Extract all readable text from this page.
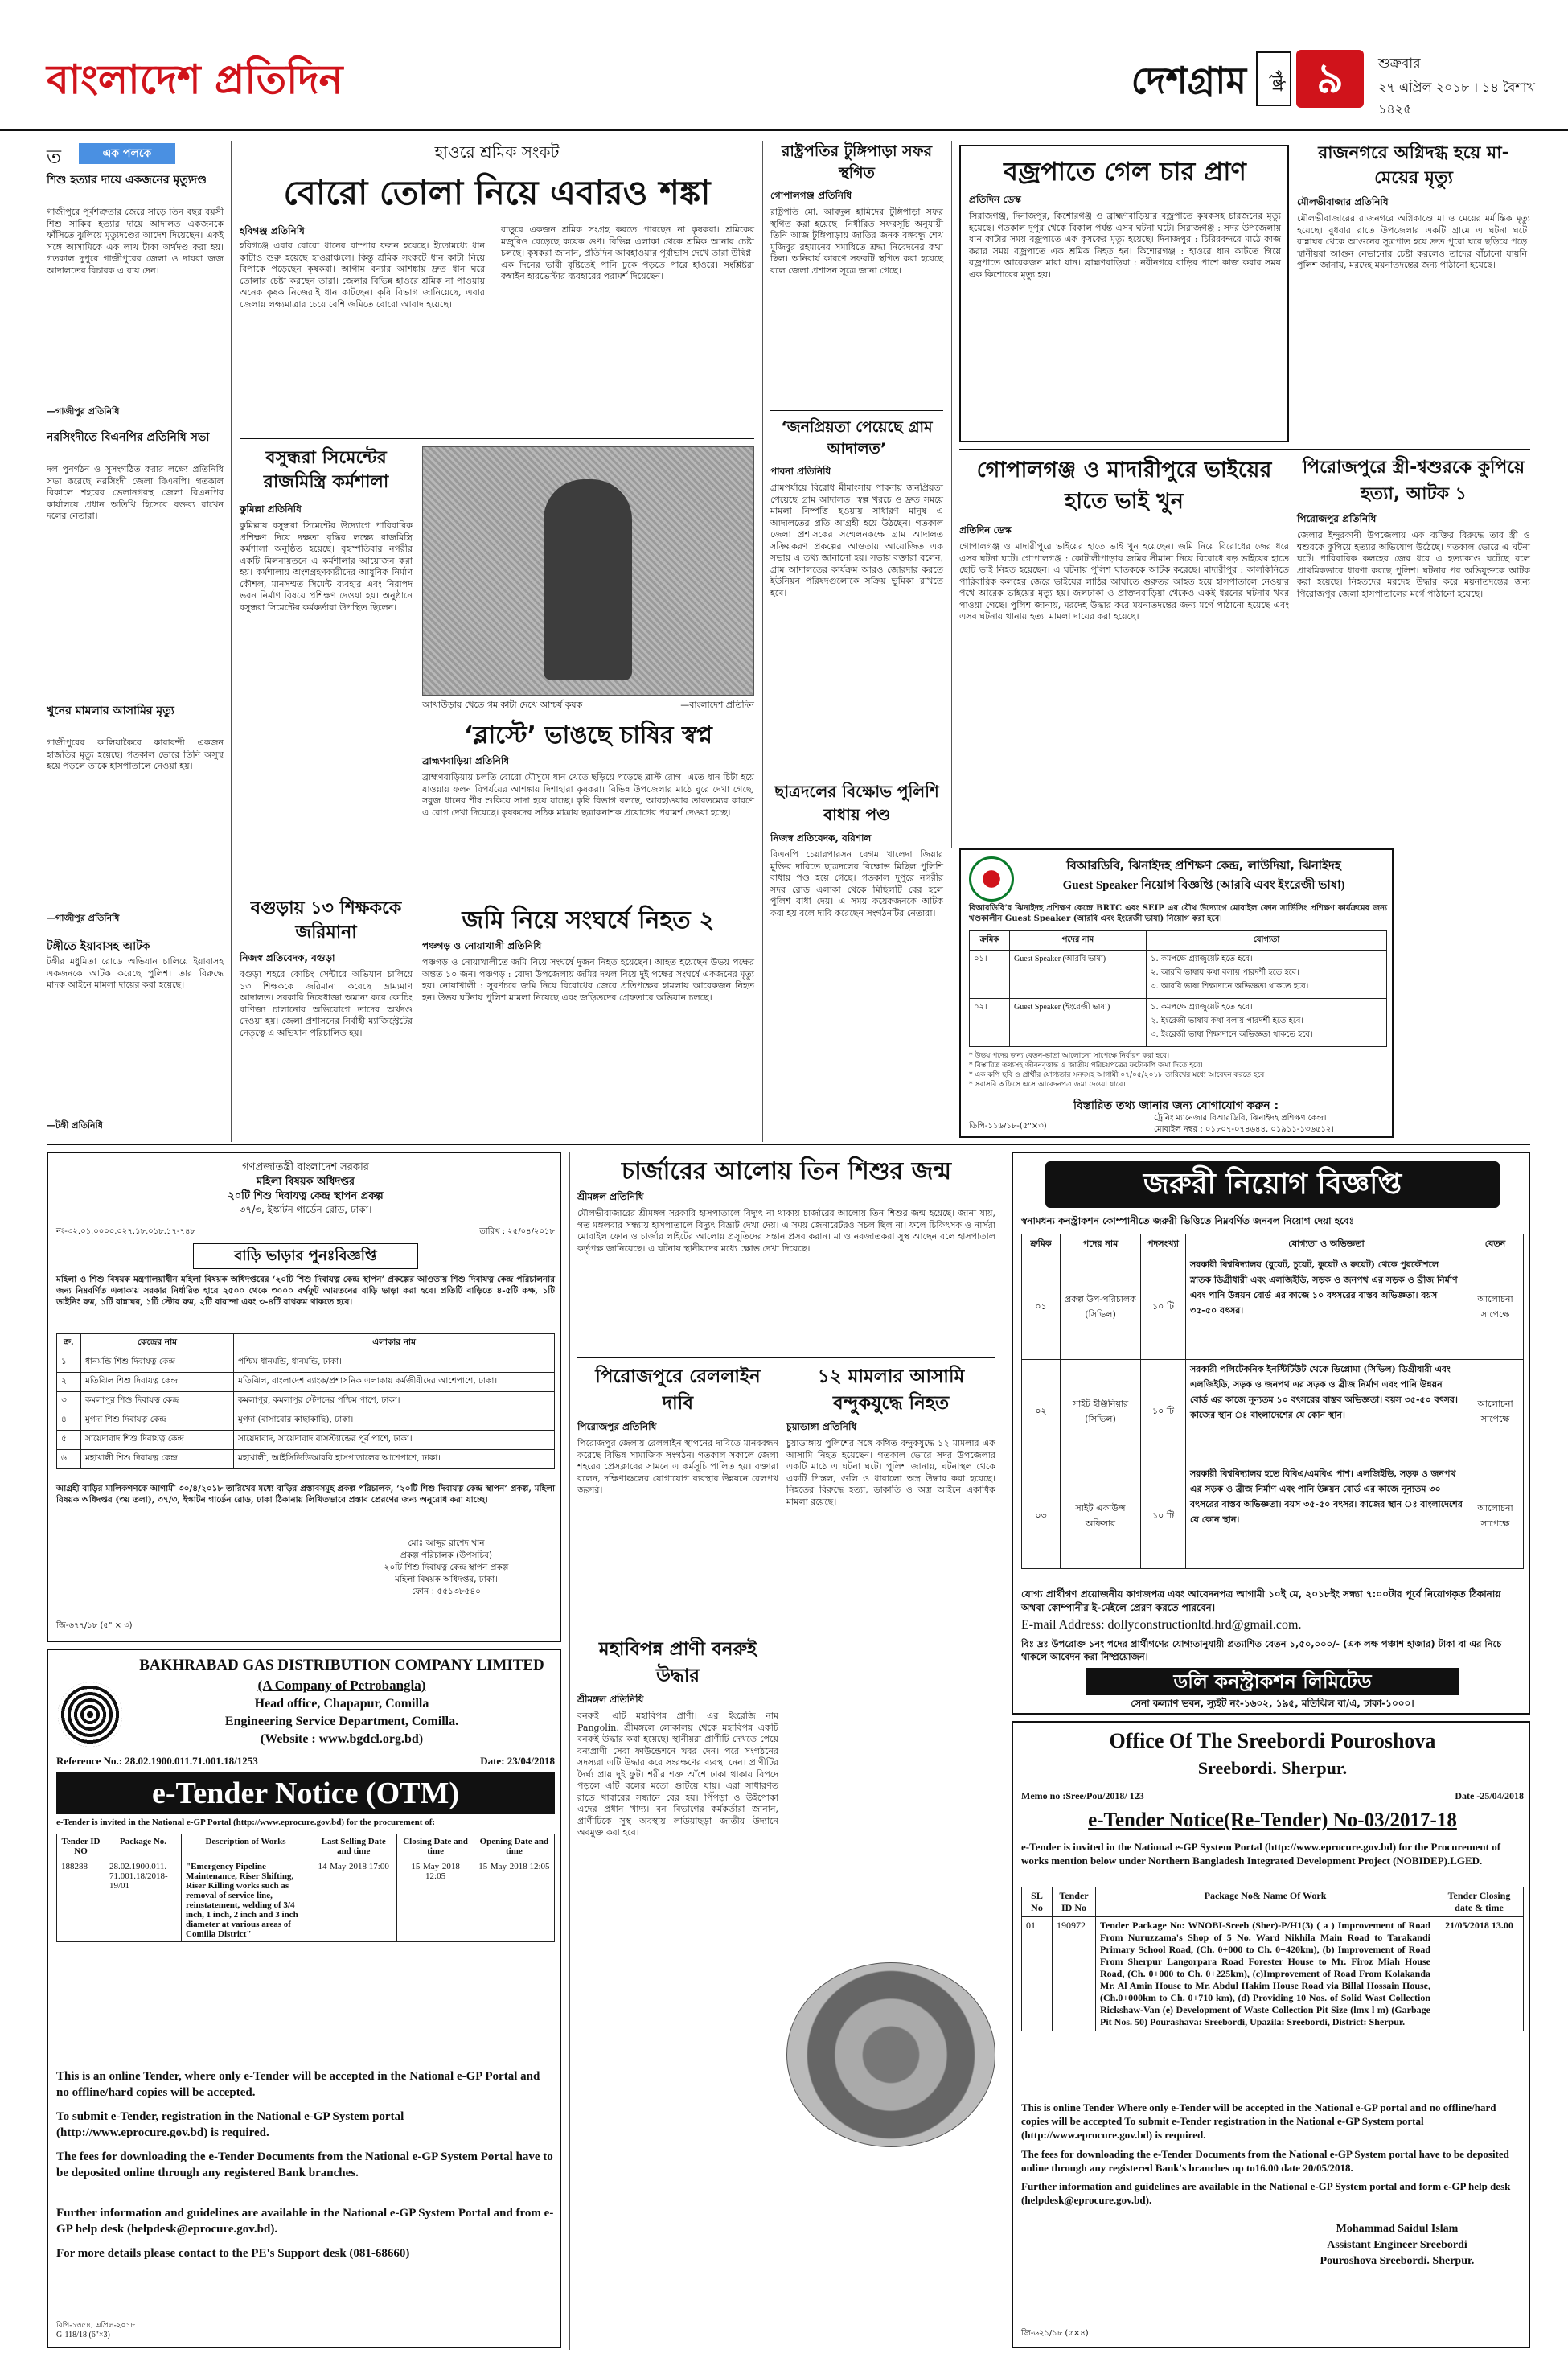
বাংলাদেশ প্রতিদিন	দেশগ্রাম	পৃষ্ঠা ৯	শুক্রবার
২৭ এপ্রিল ২০১৮ । ১৪ বৈশাখ ১৪২৫
ত	এক পলকে
শিশু হত্যার দায়ে একজনের মৃত্যুদণ্ড
গাজীপুরে পূর্বশত্রুতার জেরে সাড়ে তিন বছর বয়সী শিশু সাকিব হত্যার দায়ে আদালত একজনকে ফাঁসিতে ঝুলিয়ে মৃত্যুদণ্ডের আদেশ দিয়েছেন। একই সঙ্গে আসামিকে এক লাখ টাকা অর্থদণ্ড করা হয়। গতকাল দুপুরে গাজীপুরের জেলা ও দায়রা জজ আদালতের বিচারক এ রায় দেন।
—গাজীপুর প্রতিনিধি
নরসিংদীতে বিএনপির প্রতিনিধি সভা
দল পুনর্গঠন ও সুসংগঠিত করার লক্ষ্যে প্রতিনিধি সভা করেছে নরসিংদী জেলা বিএনপি। গতকাল বিকালে শহরের ভেলানগরস্থ জেলা বিএনপির কার্যালয়ে প্রধান অতিথি হিসেবে বক্তব্য রাখেন দলের নেতারা।
খুনের মামলার আসামির মৃত্যু
গাজীপুরের কালিয়াকৈরে কারাবন্দী একজন হাজতির মৃত্যু হয়েছে। গতকাল ভোরে তিনি অসুস্থ হয়ে পড়লে তাকে হাসপাতালে নেওয়া হয়।
—গাজীপুর প্রতিনিধি
টঙ্গীতে ইয়াবাসহ আটক
টঙ্গীর মধুমিতা রোডে অভিযান চালিয়ে ইয়াবাসহ একজনকে আটক করেছে পুলিশ। তার বিরুদ্ধে মাদক আইনে মামলা দায়ের করা হয়েছে।
—টঙ্গী প্রতিনিধি
হাওরে শ্রমিক সংকট
বোরো তোলা নিয়ে এবারও শঙ্কা
হবিগঞ্জ প্রতিনিধি
হবিগঞ্জে এবার বোরো ধানের বাম্পার ফলন হয়েছে। ইতোমধ্যে ধান কাটাও শুরু হয়েছে হাওরাঞ্চলে। কিন্তু শ্রমিক সংকটে ধান কাটা নিয়ে বিপাকে পড়েছেন কৃষকরা। আগাম বন্যার আশঙ্কায় দ্রুত ধান ঘরে তোলার চেষ্টা করছেন তারা। জেলার বিভিন্ন হাওরে শ্রমিক না পাওয়ায় অনেক কৃষক নিজেরাই ধান কাটছেন। কৃষি বিভাগ জানিয়েছে, এবার জেলায় লক্ষ্যমাত্রার চেয়ে বেশি জমিতে বোরো আবাদ হয়েছে।
বাড়ুরে একজন শ্রমিক সংগ্রহ করতে পারছেন না কৃষকরা। শ্রমিকের মজুরিও বেড়েছে কয়েক গুণ। বিভিন্ন এলাকা থেকে শ্রমিক আনার চেষ্টা চলছে। কৃষকরা জানান, প্রতিদিন আবহাওয়ার পূর্বাভাস দেখে তারা উদ্বিগ্ন। এক দিনের ভারী বৃষ্টিতেই পানি ঢুকে পড়তে পারে হাওরে। সংশ্লিষ্টরা কম্বাইন হারভেস্টার ব্যবহারের পরামর্শ দিয়েছেন।
বসুন্ধরা সিমেন্টের রাজমিস্ত্রি কর্মশালা
কুমিল্লা প্রতিনিধি
কুমিল্লায় বসুন্ধরা সিমেন্টের উদ্যোগে পারিবারিক প্রশিক্ষণ দিয়ে দক্ষতা বৃদ্ধির লক্ষ্যে রাজমিস্ত্রি কর্মশালা অনুষ্ঠিত হয়েছে। বৃহস্পতিবার নগরীর একটি মিলনায়তনে এ কর্মশালার আয়োজন করা হয়। কর্মশালায় অংশগ্রহণকারীদের আধুনিক নির্মাণ কৌশল, মানসম্মত সিমেন্ট ব্যবহার এবং নিরাপদ ভবন নির্মাণ বিষয়ে প্রশিক্ষণ দেওয়া হয়। অনুষ্ঠানে বসুন্ধরা সিমেন্টের কর্মকর্তারা উপস্থিত ছিলেন।
আখাউড়ায় খেতে গম কাটা দেখে আশ্চর্য কৃষক	—বাংলাদেশ প্রতিদিন
‘ব্লাস্টে’ ভাঙছে চাষির স্বপ্ন
ব্রাহ্মণবাড়িয়া প্রতিনিধি
ব্রাহ্মণবাড়িয়ায় চলতি বোরো মৌসুমে ধান খেতে ছড়িয়ে পড়েছে ব্লাস্ট রোগ। এতে ধান চিটা হয়ে যাওয়ায় ফলন বিপর্যয়ের আশঙ্কায় দিশাহারা কৃষকরা। বিভিন্ন উপজেলার মাঠে ঘুরে দেখা গেছে, সবুজ ধানের শীষ শুকিয়ে সাদা হয়ে যাচ্ছে। কৃষি বিভাগ বলছে, আবহাওয়ার তারতম্যের কারণে এ রোগ দেখা দিয়েছে। কৃষকদের সঠিক মাত্রায় ছত্রাকনাশক প্রয়োগের পরামর্শ দেওয়া হচ্ছে।
বগুড়ায় ১৩ শিক্ষককে জরিমানা
নিজস্ব প্রতিবেদক, বগুড়া
বগুড়া শহরে কোচিং সেন্টারে অভিযান চালিয়ে ১৩ শিক্ষককে জরিমানা করেছে ভ্রাম্যমাণ আদালত। সরকারি নিষেধাজ্ঞা অমান্য করে কোচিং বাণিজ্য চালানোর অভিযোগে তাদের অর্থদণ্ড দেওয়া হয়। জেলা প্রশাসনের নির্বাহী ম্যাজিস্ট্রেটের নেতৃত্বে এ অভিযান পরিচালিত হয়।
জমি নিয়ে সংঘর্ষে নিহত ২
পঞ্চগড় ও নোয়াখালী প্রতিনিধি
পঞ্চগড় ও নোয়াখালীতে জমি নিয়ে সংঘর্ষে দুজন নিহত হয়েছেন। আহত হয়েছেন উভয় পক্ষের অন্তত ১০ জন। পঞ্চগড় : বোদা উপজেলায় জমির দখল নিয়ে দুই পক্ষের সংঘর্ষে একজনের মৃত্যু হয়। নোয়াখালী : সুবর্ণচরে জমি নিয়ে বিরোধের জেরে প্রতিপক্ষের হামলায় আরেকজন নিহত হন। উভয় ঘটনায় পুলিশ মামলা নিয়েছে এবং জড়িতদের গ্রেফতারে অভিযান চলছে।
রাষ্ট্রপতির টুঙ্গিপাড়া সফর স্থগিত
গোপালগঞ্জ প্রতিনিধি
রাষ্ট্রপতি মো. আবদুল হামিদের টুঙ্গিপাড়া সফর স্থগিত করা হয়েছে। নির্ধারিত সফরসূচি অনুযায়ী তিনি আজ টুঙ্গিপাড়ায় জাতির জনক বঙ্গবন্ধু শেখ মুজিবুর রহমানের সমাধিতে শ্রদ্ধা নিবেদনের কথা ছিল। অনিবার্য কারণে সফরটি স্থগিত করা হয়েছে বলে জেলা প্রশাসন সূত্রে জানা গেছে।
‘জনপ্রিয়তা পেয়েছে গ্রাম আদালত’
পাবনা প্রতিনিধি
গ্রামপর্যায়ে বিরোধ মীমাংসায় পাবনায় জনপ্রিয়তা পেয়েছে গ্রাম আদালত। স্বল্প খরচে ও দ্রুত সময়ে মামলা নিষ্পত্তি হওয়ায় সাধারণ মানুষ এ আদালতের প্রতি আগ্রহী হয়ে উঠছেন। গতকাল জেলা প্রশাসকের সম্মেলনকক্ষে গ্রাম আদালত সক্রিয়করণ প্রকল্পের আওতায় আয়োজিত এক সভায় এ তথ্য জানানো হয়। সভায় বক্তারা বলেন, গ্রাম আদালতের কার্যক্রম আরও জোরদার করতে ইউনিয়ন পরিষদগুলোকে সক্রিয় ভূমিকা রাখতে হবে।
ছাত্রদলের বিক্ষোভ পুলিশি বাধায় পণ্ড
নিজস্ব প্রতিবেদক, বরিশাল
বিএনপি চেয়ারপারসন বেগম খালেদা জিয়ার মুক্তির দাবিতে ছাত্রদলের বিক্ষোভ মিছিল পুলিশি বাধায় পণ্ড হয়ে গেছে। গতকাল দুপুরে নগরীর সদর রোড এলাকা থেকে মিছিলটি বের হলে পুলিশ বাধা দেয়। এ সময় কয়েকজনকে আটক করা হয় বলে দাবি করেছেন সংগঠনটির নেতারা।
বজ্রপাতে গেল চার প্রাণ
প্রতিদিন ডেস্ক
সিরাজগঞ্জ, দিনাজপুর, কিশোরগঞ্জ ও ব্রাহ্মণবাড়িয়ার বজ্রপাতে কৃষকসহ চারজনের মৃত্যু হয়েছে। গতকাল দুপুর থেকে বিকাল পর্যন্ত এসব ঘটনা ঘটে। সিরাজগঞ্জ : সদর উপজেলায় ধান কাটার সময় বজ্রপাতে এক কৃষকের মৃত্যু হয়েছে। দিনাজপুর : চিরিরবন্দরে মাঠে কাজ করার সময় বজ্রপাতে এক শ্রমিক নিহত হন। কিশোরগঞ্জ : হাওরে ধান কাটতে গিয়ে বজ্রপাতে আরেকজন মারা যান। ব্রাহ্মণবাড়িয়া : নবীনগরে বাড়ির পাশে কাজ করার সময় এক কিশোরের মৃত্যু হয়।
রাজনগরে অগ্নিদগ্ধ হয়ে মা-মেয়ের মৃত্যু
মৌলভীবাজার প্রতিনিধি
মৌলভীবাজারের রাজনগরে অগ্নিকাণ্ডে মা ও মেয়ের মর্মান্তিক মৃত্যু হয়েছে। বুধবার রাতে উপজেলার একটি গ্রামে এ ঘটনা ঘটে। রান্নাঘর থেকে আগুনের সূত্রপাত হয়ে দ্রুত পুরো ঘরে ছড়িয়ে পড়ে। স্থানীয়রা আগুন নেভানোর চেষ্টা করলেও তাদের বাঁচানো যায়নি। পুলিশ জানায়, মরদেহ ময়নাতদন্তের জন্য পাঠানো হয়েছে।
গোপালগঞ্জ ও মাদারীপুরে ভাইয়ের হাতে ভাই খুন
প্রতিদিন ডেস্ক
গোপালগঞ্জ ও মাদারীপুরে ভাইয়ের হাতে ভাই খুন হয়েছেন। জমি নিয়ে বিরোধের জের ধরে এসব ঘটনা ঘটে। গোপালগঞ্জ : কোটালীপাড়ায় জমির সীমানা নিয়ে বিরোধে বড় ভাইয়ের হাতে ছোট ভাই নিহত হয়েছেন। এ ঘটনায় পুলিশ ঘাতককে আটক করেছে। মাদারীপুর : কালকিনিতে পারিবারিক কলহের জেরে ভাইয়ের লাঠির আঘাতে গুরুতর আহত হয়ে হাসপাতালে নেওয়ার পথে আরেক ভাইয়ের মৃত্যু হয়। জলঢাকা ও প্রাক্তনবাড়িয়া থেকেও একই ধরনের ঘটনার খবর পাওয়া গেছে। পুলিশ জানায়, মরদেহ উদ্ধার করে ময়নাতদন্তের জন্য মর্গে পাঠানো হয়েছে এবং এসব ঘটনায় থানায় হত্যা মামলা দায়ের করা হয়েছে।
পিরোজপুরে স্ত্রী-শ্বশুরকে কুপিয়ে হত্যা, আটক ১
পিরোজপুর প্রতিনিধি
জেলার ইন্দুরকানী উপজেলায় এক ব্যক্তির বিরুদ্ধে তার স্ত্রী ও শ্বশুরকে কুপিয়ে হত্যার অভিযোগ উঠেছে। গতকাল ভোরে এ ঘটনা ঘটে। পারিবারিক কলহের জের ধরে এ হত্যাকাণ্ড ঘটেছে বলে প্রাথমিকভাবে ধারণা করছে পুলিশ। ঘটনার পর অভিযুক্তকে আটক করা হয়েছে। নিহতদের মরদেহ উদ্ধার করে ময়নাতদন্তের জন্য পিরোজপুর জেলা হাসপাতালের মর্গে পাঠানো হয়েছে।
বিআরডিবি, ঝিনাইদহ প্রশিক্ষণ কেন্দ্র, লাউদিয়া, ঝিনাইদহ
Guest Speaker নিয়োগ বিজ্ঞপ্তি (আরবি এবং ইংরেজী ভাষা)
বিআরডিবি’র ঝিনাইদহ প্রশিক্ষণ কেন্দ্রে BRTC এবং SEIP এর যৌথ উদ্যোগে মোবাইল ফোন সার্ভিসিং প্রশিক্ষণ কার্যক্রমের জন্য খণ্ডকালীন Guest Speaker (আরবি এবং ইংরেজী ভাষা) নিয়োগ করা হবে।
ক্রমিক	পদের নাম	যোগ্যতা
০১।	Guest Speaker (আরবি ভাষা)	১. কমপক্ষে গ্র্যাজুয়েট হতে হবে।
২. আরবি ভাষায় কথা বলায় পারদর্শী হতে হবে।
৩. আরবি ভাষা শিক্ষাদানে অভিজ্ঞতা থাকতে হবে।
০২।	Guest Speaker (ইংরেজী ভাষা)	১. কমপক্ষে গ্র্যাজুয়েট হতে হবে।
২. ইংরেজী ভাষায় কথা বলায় পারদর্শী হতে হবে।
৩. ইংরেজী ভাষা শিক্ষাদানে অভিজ্ঞতা থাকতে হবে।
* উভয় পদের জন্য বেতন-ভাতা আলোচনা সাপেক্ষে নির্ধারণ করা হবে।
* বিস্তারিত তথ্যসহ জীবনবৃত্তান্ত ও জাতীয় পরিচয়পত্রের ফটোকপি জমা দিতে হবে।
* এক কপি ছবি ও প্রার্থীর যোগ্যতার সনদসহ আগামী ০৭/০৫/২০১৮ তারিখের মধ্যে আবেদন করতে হবে।
* সরাসরি অফিসে এসে আবেদনপত্র জমা দেওয়া যাবে।
বিস্তারিত তথ্য জানার জন্য যোগাযোগ করুন :
ট্রেনিং ম্যানেজার বিআরডিবি, ঝিনাইদহ প্রশিক্ষণ কেন্দ্র।
মোবাইল নম্বর : ০১৮০৭-০৭৪৬৪৪, ০১৯১১-১৩৬৫১২।
ডিপি-১১৬/১৮-(৫"×৩)
গণপ্রজাতন্ত্রী বাংলাদেশ সরকার
মহিলা বিষয়ক অধিদপ্তর
২০টি শিশু দিবাযত্ন কেন্দ্র স্থাপন প্রকল্প
৩৭/৩, ইস্কাটন গার্ডেন রোড, ঢাকা।
নং-৩২.০১.০০০০.০২৭.১৮.০১৮.১৭-৭৪৮	তারিখ : ২৫/০৪/২০১৮
বাড়ি ভাড়ার পুনঃবিজ্ঞপ্তি
মহিলা ও শিশু বিষয়ক মন্ত্রণালয়াধীন মহিলা বিষয়ক অধিদপ্তরের ‘২০টি শিশু দিবাযত্ন কেন্দ্র স্থাপন’ প্রকল্পের আওতায় শিশু দিবাযত্ন কেন্দ্র পরিচালনার জন্য নিম্নবর্ণিত এলাকায় সরকার নির্ধারিত হারে ২৫০০ থেকে ৩০০০ বর্গফুট আয়তনের বাড়ি ভাড়া করা হবে। প্রতিটি বাড়িতে ৪-৫টি কক্ষ, ১টি ডাইনিং রুম, ১টি রান্নাঘর, ১টি স্টোর রুম, ২টি বারান্দা এবং ৩-৪টি বাথরুম থাকতে হবে।
ক্র.	কেন্দ্রের নাম	এলাকার নাম
১	ধানমন্ডি শিশু দিবাযত্ন কেন্দ্র	পশ্চিম ধানমন্ডি, ধানমন্ডি, ঢাকা।
২	মতিঝিল শিশু দিবাযত্ন কেন্দ্র	মতিঝিল, বাংলাদেশ ব্যাংক/প্রশাসনিক এলাকায় কর্মজীবীদের আশেপাশে, ঢাকা।
৩	কমলাপুর শিশু দিবাযত্ন কেন্দ্র	কমলাপুর, কমলাপুর স্টেশনের পশ্চিম পাশে, ঢাকা।
৪	মুগদা শিশু দিবাযত্ন কেন্দ্র	মুগদা (বাসাবোর কাছাকাছি), ঢাকা।
৫	সায়েদাবাদ শিশু দিবাযত্ন কেন্দ্র	সায়েদাবাদ, সায়েদাবাদ বাসস্ট্যান্ডের পূর্ব পাশে, ঢাকা।
৬	মহাখালী শিশু দিবাযত্ন কেন্দ্র	মহাখালী, আইসিডিডিআরবি হাসপাতালের আশেপাশে, ঢাকা।
আগ্রহী বাড়ির মালিকগণকে আগামী ৩০/৪/২০১৮ তারিখের মধ্যে বাড়ির প্রস্তাবসমূহ প্রকল্প পরিচালক, ‘২০টি শিশু দিবাযত্ন কেন্দ্র স্থাপন’ প্রকল্প, মহিলা বিষয়ক অধিদপ্তর (৩য় তলা), ৩৭/৩, ইস্কাটন গার্ডেন রোড, ঢাকা ঠিকানায় লিখিতভাবে প্রস্তাব প্রেরণের জন্য অনুরোধ করা যাচ্ছে।
মোঃ আব্দুর রাশেদ খান
প্রকল্প পরিচালক (উপসচিব)
২০টি শিশু দিবাযত্ন কেন্দ্র স্থাপন প্রকল্প
মহিলা বিষয়ক অধিদপ্তর, ঢাকা।
ফোন : ৫৫১৩৮৫৪০
জি-৬৭৭/১৮ (৫" × ৩)
BAKHRABAD GAS DISTRIBUTION COMPANY LIMITED
(A Company of Petrobangla)
Head office, Chapapur, Comilla
Engineering Service Department, Comilla.
(Website : www.bgdcl.org.bd)
Reference No.: 28.02.1900.011.71.001.18/1253	Date: 23/04/2018
e-Tender Notice (OTM)
e-Tender is invited in the National e-GP Portal (http://www.eprocure.gov.bd) for the procurement of:
Tender ID NO	Package No.	Description of Works	Last Selling Date and time	Closing Date and time	Opening Date and time
188288	28.02.1900.011. 71.001.18/2018- 19/01	"Emergency Pipeline Maintenance, Riser Shifting, Riser Killing works such as removal of service line, reinstatement, welding of 3/4 inch, 1 inch, 2 inch and 3 inch diameter at various areas of Comilla District"	14-May-2018 17:00	15-May-2018 12:05	15-May-2018 12:05
This is an online Tender, where only e-Tender will be accepted in the National e-GP Portal and no offline/hard copies will be accepted.
To submit e-Tender, registration in the National e-GP System portal (http://www.eprocure.gov.bd) is required.
The fees for downloading the e-Tender Documents from the National e-GP System Portal have to be deposited online through any registered Bank branches.
Further information and guidelines are available in the National e-GP System Portal and from e-GP help desk (helpdesk@eprocure.gov.bd).
For more details please contact to the PE's Support desk (081-68660)
বিপি-১৩৫৪, এপ্রিল-২০১৮
G-118/18 (6"×3)
চার্জারের আলোয় তিন শিশুর জন্ম
শ্রীমঙ্গল প্রতিনিধি
মৌলভীবাজারের শ্রীমঙ্গল সরকারি হাসপাতালে বিদ্যুৎ না থাকায় চার্জারের আলোয় তিন শিশুর জন্ম হয়েছে। জানা যায়, গত মঙ্গলবার সন্ধ্যায় হাসপাতালে বিদ্যুৎ বিভ্রাট দেখা দেয়। এ সময় জেনারেটরও সচল ছিল না। ফলে চিকিৎসক ও নার্সরা মোবাইল ফোন ও চার্জার লাইটের আলোয় প্রসূতিদের সন্তান প্রসব করান। মা ও নবজাতকরা সুস্থ আছেন বলে হাসপাতাল কর্তৃপক্ষ জানিয়েছে। এ ঘটনায় স্থানীয়দের মধ্যে ক্ষোভ দেখা দিয়েছে।
পিরোজপুরে রেললাইন দাবি
পিরোজপুর প্রতিনিধি
পিরোজপুর জেলায় রেললাইন স্থাপনের দাবিতে মানববন্ধন করেছে বিভিন্ন সামাজিক সংগঠন। গতকাল সকালে জেলা শহরের প্রেসক্লাবের সামনে এ কর্মসূচি পালিত হয়। বক্তারা বলেন, দক্ষিণাঞ্চলের যোগাযোগ ব্যবস্থার উন্নয়নে রেলপথ জরুরি।
১২ মামলার আসামি বন্দুকযুদ্ধে নিহত
চুয়াডাঙ্গা প্রতিনিধি
চুয়াডাঙ্গায় পুলিশের সঙ্গে কথিত বন্দুকযুদ্ধে ১২ মামলার এক আসামি নিহত হয়েছেন। গতকাল ভোরে সদর উপজেলার একটি মাঠে এ ঘটনা ঘটে। পুলিশ জানায়, ঘটনাস্থল থেকে একটি পিস্তল, গুলি ও ধারালো অস্ত্র উদ্ধার করা হয়েছে। নিহতের বিরুদ্ধে হত্যা, ডাকাতি ও অস্ত্র আইনে একাধিক মামলা রয়েছে।
মহাবিপন্ন প্রাণী বনরুই উদ্ধার
শ্রীমঙ্গল প্রতিনিধি
বনরুই। এটি মহাবিপন্ন প্রাণী। এর ইংরেজি নাম Pangolin. শ্রীমঙ্গলে লোকালয় থেকে মহাবিপন্ন একটি বনরুই উদ্ধার করা হয়েছে। স্থানীয়রা প্রাণীটি দেখতে পেয়ে বন্যপ্রাণী সেবা ফাউন্ডেশনে খবর দেন। পরে সংগঠনের সদস্যরা এটি উদ্ধার করে সংরক্ষণের ব্যবস্থা নেন। প্রাণীটির দৈর্ঘ্য প্রায় দুই ফুট। শরীর শক্ত আঁশে ঢাকা থাকায় বিপদে পড়লে এটি বলের মতো গুটিয়ে যায়। এরা সাধারণত রাতে খাবারের সন্ধানে বের হয়। পিঁপড়া ও উইপোকা এদের প্রধান খাদ্য। বন বিভাগের কর্মকর্তারা জানান, প্রাণীটিকে সুস্থ অবস্থায় লাউয়াছড়া জাতীয় উদ্যানে অবমুক্ত করা হবে।
জরুরী নিয়োগ বিজ্ঞপ্তি
স্বনামধন্য কনস্ট্রাকশন কোম্পানীতে জরুরী ভিত্তিতে নিম্নবর্ণিত জনবল নিয়োগ দেয়া হবেঃ
ক্রমিক	পদের নাম	পদসংখ্যা	যোগ্যতা ও অভিজ্ঞতা	বেতন
০১	প্রকল্প উপ-পরিচালক (সিভিল)	১০ টি	সরকারী বিশ্ববিদ্যালয় (বুয়েট, চুয়েট, কুয়েট ও রুয়েট) থেকে পুরকৌশলে স্নাতক ডিগ্রীধারী এবং এলজিইডি, সড়ক ও জনপথ এর সড়ক ও ব্রীজ নির্মাণ এবং পানি উন্নয়ন বোর্ড এর কাজে ১০ বৎসরের বাস্তব অভিজ্ঞতা। বয়স ৩৫-৫০ বৎসর।	আলোচনা সাপেক্ষে
০২	সাইট ইঞ্জিনিয়ার (সিভিল)	১০ টি	সরকারী পলিটেকনিক ইনস্টিটিউট থেকে ডিপ্লোমা (সিভিল) ডিগ্রীধারী এবং এলজিইডি, সড়ক ও জনপথ এর সড়ক ও ব্রীজ নির্মাণ এবং পানি উন্নয়ন বোর্ড এর কাজে নূন্যতম ১০ বৎসরের বাস্তব অভিজ্ঞতা। বয়স ৩৫-৫০ বৎসর। কাজের স্থান ঃ বাংলাদেশের যে কোন স্থান।	আলোচনা সাপেক্ষে
০৩	সাইট একাউন্স অফিসার	১০ টি	সরকারী বিশ্ববিদ্যালয় হতে বিবিএ/এমবিএ পাশ। এলজিইডি, সড়ক ও জনপথ এর সড়ক ও ব্রীজ নির্মাণ এবং পানি উন্নয়ন বোর্ড এর কাজে নূন্যতম ৩০ বৎসরের বাস্তব অভিজ্ঞতা। বয়স ৩৫-৫০ বৎসর। কাজের স্থান ঃ বাংলাদেশের যে কোন স্থান।	আলোচনা সাপেক্ষে
যোগ্য প্রার্থীগণ প্রয়োজনীয় কাগজপত্র এবং আবেদনপত্র আগামী ১০ই মে, ২০১৮ইং সন্ধ্যা ৭:০০টার পূর্বে নিয়োগকৃত ঠিকানায় অথবা কোম্পানীর ই-মেইলে প্রেরণ করতে পারবেন।
E-mail Address: dollyconstructionltd.hrd@gmail.com.
বিঃ দ্রঃ উপরোক্ত ১নং পদের প্রার্থীগণের যোগ্যতানুযায়ী প্রত্যাশিত বেতন ১,৫০,০০০/- (এক লক্ষ পঞ্চাশ হাজার) টাকা বা এর নিচে থাকলে আবেদন করা নিষ্প্রয়োজন।
ডলি কনস্ট্রাকশন লিমিটেড
সেনা কল্যাণ ভবন, স্যুইট নং-১৬০২, ১৯৫, মতিঝিল বা/এ, ঢাকা-১০০০।
Office Of The Sreebordi Pouroshova
Sreebordi. Sherpur.
Memo no :Sree/Pou/2018/ 123	Date -25/04/2018
e-Tender Notice(Re-Tender) No-03/2017-18
e-Tender is invited in the National e-GP System Portal (http://www.eprocure.gov.bd) for the Procurement of works mention below under Northern Bangladesh Integrated Development Project (NOBIDEP).LGED.
SL No	Tender ID No	Package No& Name Of Work	Tender Closing date & time
01	190972	Tender Package No: WNOBI-Sreeb (Sher)-P/H1(3) ( a ) Improvement of Road From Nuruzzama's Shop of 5 No. Ward Nikhila Main Road to Tarakandi Primary School Road, (Ch. 0+000 to Ch. 0+420km), (b) Improvement of Road From Sherpur Langorpara Road Forester House to Mr. Firoz Miah House Road, (Ch. 0+000 to Ch. 0+225km), (c)Improvement of Road From Kolakanda Mr. Al Amin House to Mr. Abdul Hakim House Road via Billal Hossain House, (Ch.0+000km to Ch. 0+710 km), (d) Providing 10 Nos. of Solid Wast Collection Rickshaw-Van (e) Development of Waste Collection Pit Size (lmx l m) (Garbage Pit Nos. 50) Pourashava: Sreebordi, Upazila: Sreebordi, District: Sherpur.	21/05/2018 13.00
This is online Tender Where only e-Tender will be accepted in the National e-GP portal and no offline/hard copies will be accepted To submit e-Tender registration in the National e-GP System portal (http://www.eprocure.gov.bd) is required.
The fees for downloading the e-Tender Documents from the National e-GP System portal have to be deposited online through any registered Bank's branches up to16.00 date 20/05/2018.
Further information and guidelines are available in the National e-GP System portal and form e-GP help desk (helpdesk@eprocure.gov.bd).
Mohammad Saidul Islam
Assistant Engineer Sreebordi
Pouroshova Sreebordi. Sherpur.
জি-৬২১/১৮ (৫×৪)
